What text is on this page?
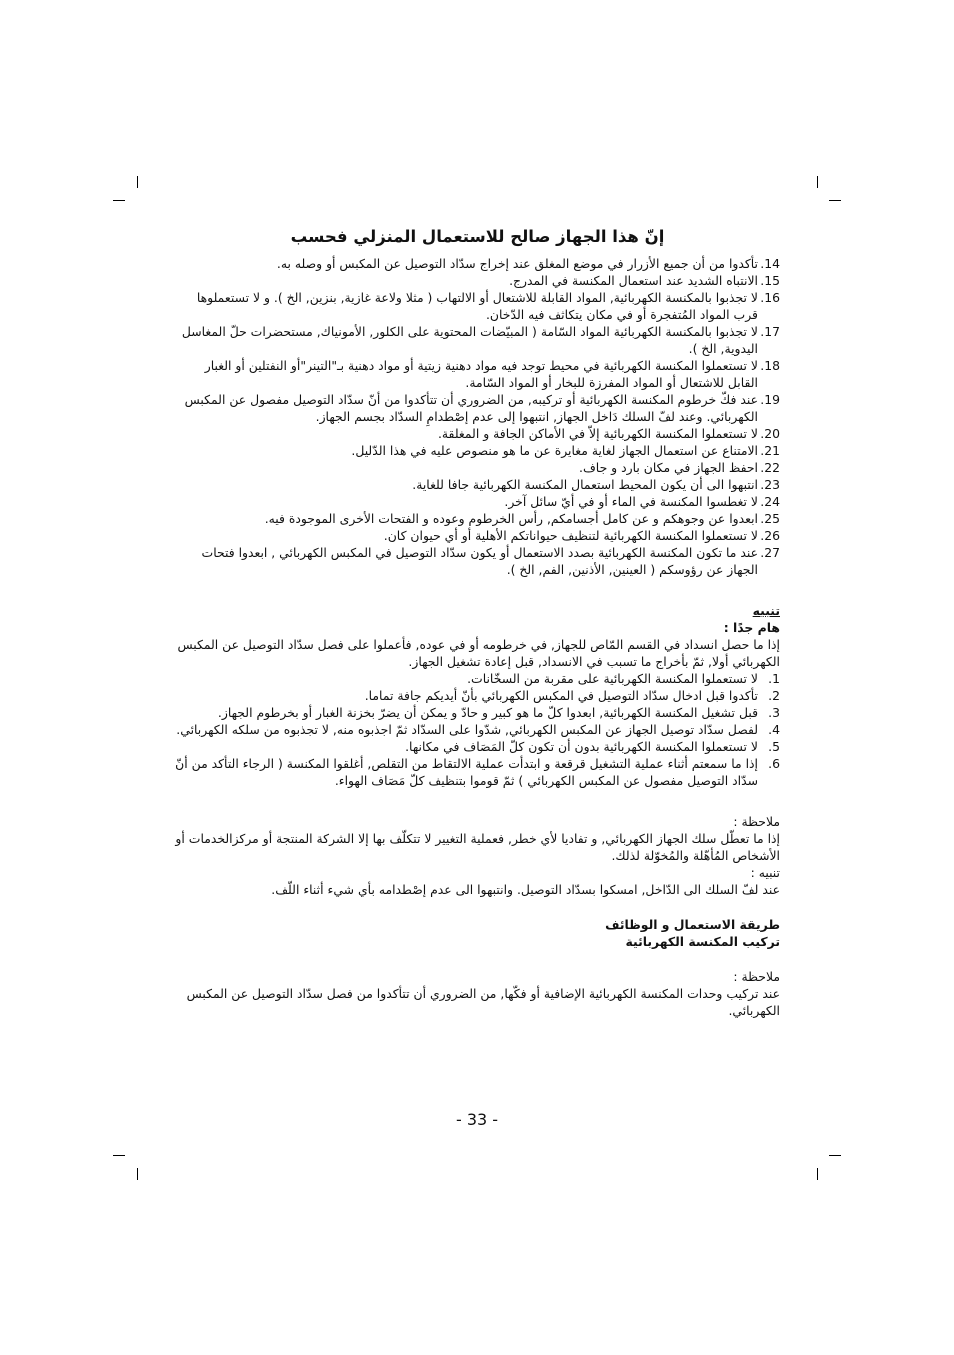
إنّ هذا الجهاز صالح للاستعمال المنزلي فحسب
14.
تأكدوا من أن جميع الأزرار في موضع المغلق عند إخراج سدّاد التوصيل عن المكبس أو وصله به.
15.
الانتباه الشديد عند استعمال المكنسة في المدرج.
16.
لا تجذبوا بالمكنسة الكهربائية, المواد القابلة للاشتعال أو الالتهاب ( مثلا ولاعة غازية, بنزين, الخ ). و لا تستعملوها قرب المواد المُتفجرة أو في مكان يتكاثف فيه الدّخان.
17.
لا تجذبوا بالمكنسة الكهربائية المواد السّامة ( المبيّضات المحتوية على الكلور, الأمونياك, مستحضرات حلّ المغاسل اليدوية, الخ ).
18.
لا تستعملوا المكنسة الكهربائية في محيط توجد فيه مواد دهنية زيتية أو مواد دهنية بـ"التينر"أو النفتلين أو الغبار القابل للاشتعال أو المواد المفرزة للبخار أو المواد السّامة.
19.
عند فكّ خرطوم المكنسة الكهربائية أو تركيبه, من الضروري أن تتأكدوا من أنّ سدّاد التوصيل مفصول عن المكبس الكهربائي. وعند لفّ السلك دَاخل الجهاز, انتبهوا إلى عدم إصْطدامِ السدّاد بجسم الجهاز.
20.
لا تستعملوا المكنسة الكهربائية إلاّ في الأماكن الجافة و المغلقة.
21.
الامتناع عن استعمال الجهاز لغاية مغايرة عن ما هو منصوص عليه في هذا الدّليل.
22.
احفظ الجهاز في مكان بارد و جاف.
23.
انتبهوا الى أن يكون المحيط استعمال المكنسة الكهربائية جافا للغاية.
24.
لا تغطسوا المكنسة في الماء أو في أيّ سائل آخر.
25.
ابعدوا عن وجوهكم و عن كامل أجسامكم, رأس الخرطوم وعوده و الفتحات الأخرى الموجودة فيه.
26.
لا تستعملوا المكنسة الكهربائية لتنظيف حيواناتكم الأهلية أو أي حيوان كان.
27.
عند ما تكون المكنسة الكهربائية بصدد الاستعمال أو يكون سدّاد التوصيل في المكبس الكهربائي , ابعدوا فتحات الجهاز عن رؤوسكم ( العينين, الأذنين, الفم, الخ ).
تنبيه
هام جدًا :
إذا ما حصل انسداد في القسم المّاص للجهاز, في خرطومه أو في عوده, فأعملوا على فصل سدّاد التوصيل عن المكبس الكهربائي أولا, ثمّ بأخراج ما تسبب في الانسداد, قبل إعادة تشغيل الجهاز.
1.
لا تستعملوا المكنسة الكهربائية على مقربة من السخّانات.
2.
تأكدوا قبل ادخال سدّاد التوصيل في المكبس الكهربائي بأنّ أيديكم جافة تماما.
3.
قبل تشغيل المكنسة الكهربائية, ابعدوا كلّ ما هو كبير و حادّ و يمكن أن يضرّ بخزنة الغبار أو بخرطوم الجهاز.
4.
لفصل سدّاد توصيل الجهاز عن المكبس الكهربائي, شدّوا على السدّاد ثمّ اجذبوه منه, لا تجذبوه من سلكه الكهربائي.
5.
لا تستعملوا المكنسة الكهربائية بدون أن تكون كلّ المَصَاف في مكانها.
6.
إذا ما سمعتم أثناء عملية التشغيل قرقعة و ابتدأت عملية الالتقاط من التقلص, أغلقوا المكنسة ( الرجاء التأكد من أنّ سدّاد التوصيل مفصول عن المكبس الكهربائي ) ثمّ قوموا بتنظيف كلّ مَصَاف الهواء.
ملاحظة :
إذا ما تعطّل سلك الجهاز الكهربائي, و تفاديا لأي خطر, فعملية التغيير لا تتكلّف بها إلا الشركة المنتجة أو مركزالخدمات أو الأشخاص المُأهّلة والمُخوّلة لذلك.
تنبيه :
عند لفّ السلك الى الدّاخل, امسكوا بسدّاد التوصيل. وانتبهوا الى عدم إصْطدامه بأي شيء أثناء اللّف.
طريقة الاستعمال و الوظائف
تركيب المكنسة الكهربائية
ملاحظة :
عند تركيب وحدات المكنسة الكهربائية الإضافية أو فكّها, من الضروري أن تتأكدوا من فصل سدّاد التوصيل عن المكبس الكهربائي.
- 33 -
